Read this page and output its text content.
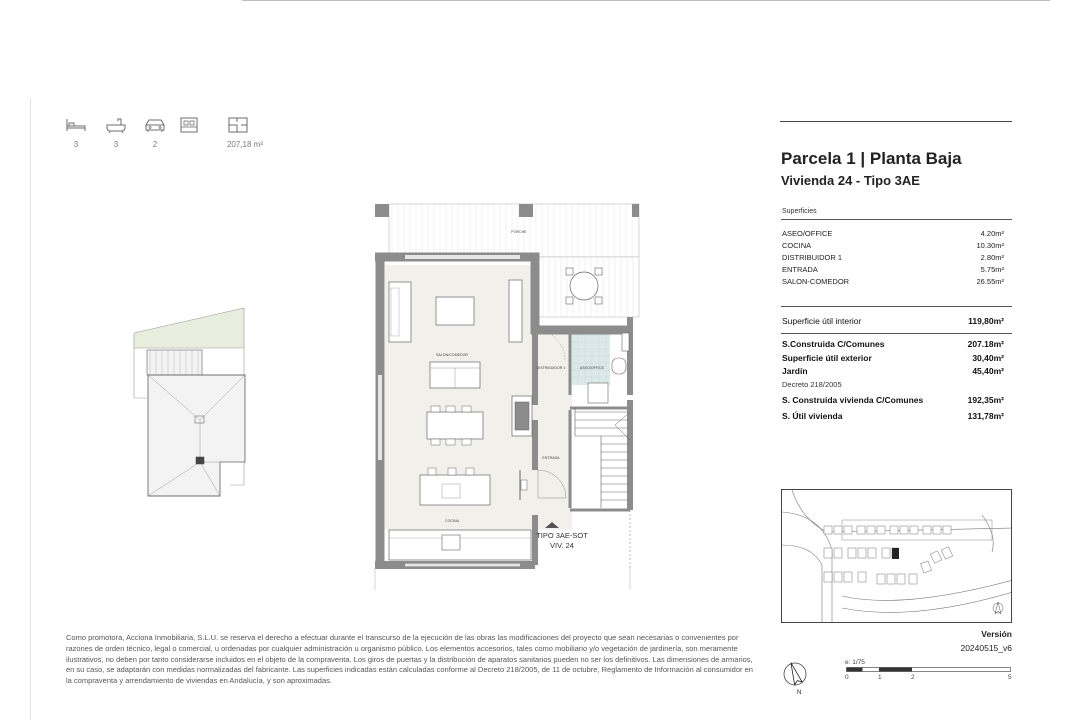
3	3	2	207,18 m²
PORCHE
SALON/COMEDOR
DISTRIBUIDOR 1	ASEO/OFFICE
ENTRADA
COCINA
TIPO 3AE-SOT
VIV. 24
Parcela 1 | Planta Baja
Vivienda 24 - Tipo 3AE
Superficies
ASEO/OFFICE	4.20m²
COCINA	10.30m²
DISTRIBUIDOR 1	2.80m²
ENTRADA	5.75m²
SALON-COMEDOR	26.55m²
Superficie útil interior	119,80m²
S.Construida C/Comunes	207.18m²
Superficie útil exterior	30,40m²
Jardín	45,40m²
Decreto 218/2005
S. Construida vivienda C/Comunes	192,35m²
S. Útil vivienda	131,78m²
Versión
20240515_v6
N
e: 1/75
0	1	2	5
Como promotora, Acciona Inmobiliaria, S.L.U. se reserva el derecho a efectuar durante el transcurso de la ejecución de las obras las modificaciones del proyecto que sean necesarias o convenientes por razones de orden técnico, legal o comercial, u ordenadas por cualquier administración u organismo público. Los elementos accesorios, tales como mobiliario y/o vegetación de jardinería, son meramente ilustrativos, no deben por tanto considerarse incluidos en el objeto de la compraventa. Los giros de puertas y la distribución de aparatos sanitarios pueden no ser los definitivos. Las dimensiones de armarios, en su caso, se adaptarán con medidas normalizadas del fabricante. Las superficies indicadas están calculadas conforme al Decreto 218/2005, de 11 de octubre, Reglamento de Información al consumidor en la compraventa y arrendamiento de viviendas en Andalucía, y son aproximadas.
